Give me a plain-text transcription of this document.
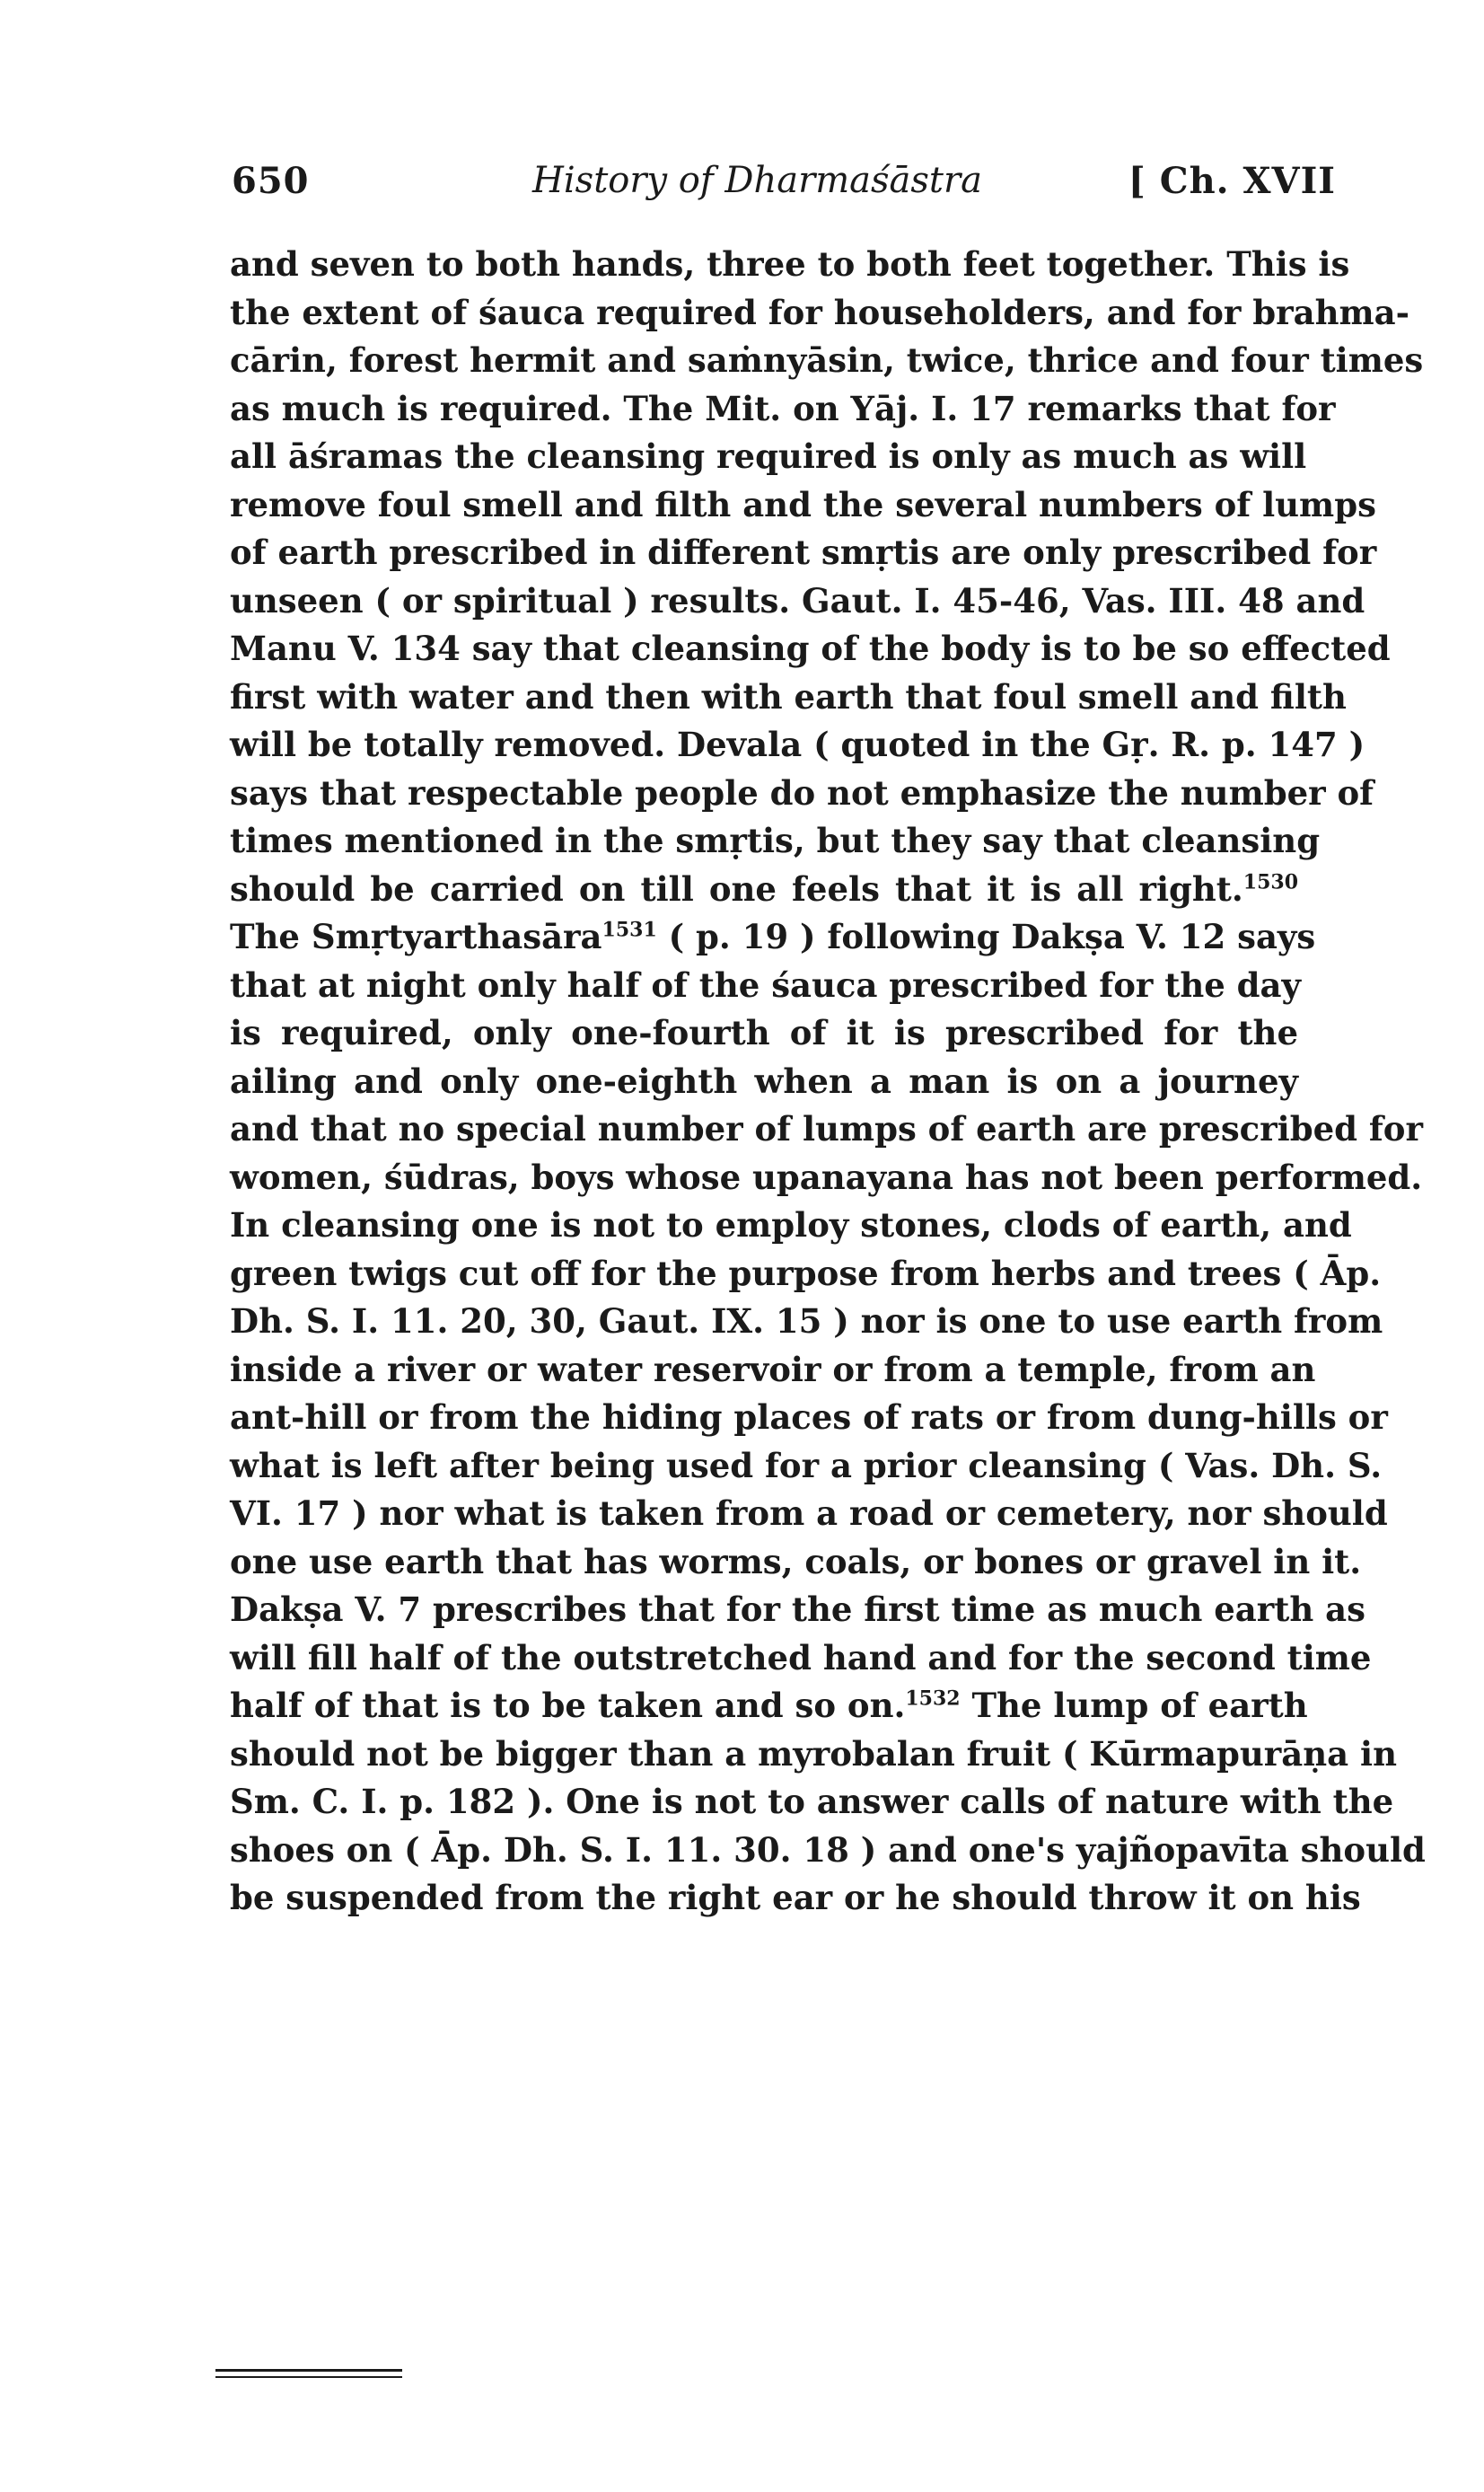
650	History of Dharmaśāstra	[ Ch. XVII
and seven to both hands, three to both feet together. This is
the extent of śauca required for householders, and for brahma-
cārin, forest hermit and saṁnyāsin, twice, thrice and four times
as much is required. The Mit. on Yāj. I. 17 remarks that for
all āśramas the cleansing required is only as much as will
remove foul smell and filth and the several numbers of lumps
of earth prescribed in different smṛtis are only prescribed for
unseen ( or spiritual ) results. Gaut. I. 45-46, Vas. III. 48 and
Manu V. 134 say that cleansing of the body is to be so effected
first with water and then with earth that foul smell and filth
will be totally removed. Devala ( quoted in the Gṛ. R. p. 147 )
says that respectable people do not emphasize the number of
times mentioned in the smṛtis, but they say that cleansing
should be carried on till one feels that it is all right.$^{1530}$
The Smṛtyarthasāra$^{1531}$ ( p. 19 ) following Dakṣa V. 12 says
that at night only half of the śauca prescribed for the day
is required, only one-fourth of it is prescribed for the
ailing and only one-eighth when a man is on a journey
and that no special number of lumps of earth are prescribed for
women, śūdras, boys whose upanayana has not been performed.
In cleansing one is not to employ stones, clods of earth, and
green twigs cut off for the purpose from herbs and trees ( Āp.
Dh. S. I. 11. 20, 30, Gaut. IX. 15 ) nor is one to use earth from
inside a river or water reservoir or from a temple, from an
ant-hill or from the hiding places of rats or from dung-hills or
what is left after being used for a prior cleansing ( Vas. Dh. S.
VI. 17 ) nor what is taken from a road or cemetery, nor should
one use earth that has worms, coals, or bones or gravel in it.
Dakṣa V. 7 prescribes that for the first time as much earth as
will fill half of the outstretched hand and for the second time
half of that is to be taken and so on.$^{1532}$ The lump of earth
should not be bigger than a myrobalan fruit ( Kūrmapurāṇa in
Sm. C. I. p. 182 ). One is not to answer calls of nature with the
shoes on ( Āp. Dh. S. I. 11. 30. 18 ) and one's yajñopavīta should
be suspended from the right ear or he should throw it on his
